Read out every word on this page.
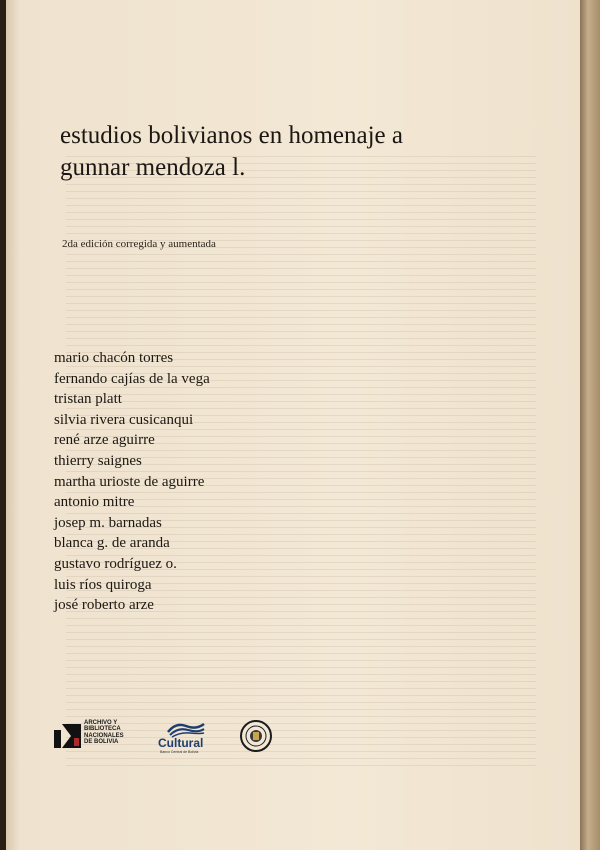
estudios bolivianos en homenaje a
gunnar mendoza l.
2da edición corregida y aumentada
mario chacón torres
fernando cajías de la vega
tristan platt
silvia rivera cusicanqui
rené arze aguirre
thierry saignes
martha urioste de aguirre
antonio mitre
josep m. barnadas
blanca g. de aranda
gustavo rodríguez o.
luis ríos quiroga
josé roberto arze
ARCHIVO Y
BIBLIOTECA
NACIONALES
DE BOLIVIA	Cultural
Banco Central de Bolivia
